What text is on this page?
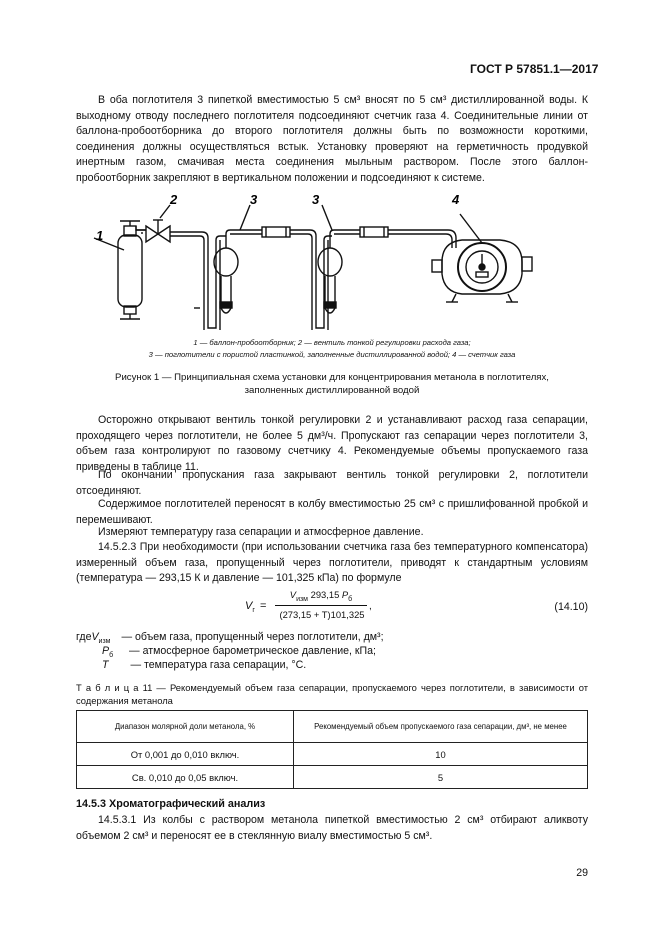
ГОСТ Р 57851.1—2017

В оба поглотителя 3 пипеткой вместимостью 5 см³ вносят по 5 см³ дистиллированной воды. К выходному отводу последнего поглотителя подсоединяют счетчик газа 4. Соединительные линии от баллона-пробоотборника до второго поглотителя должны быть по возможности короткими, соединения должны осуществляться встык. Установку проверяют на герметичность продувкой инертным газом, смачивая места соединения мыльным раствором. После этого баллон-пробоотборник закрепляют в вертикальном положении и подсоединяют к системе.

1
2	3	3	4
1 — баллон-пробоотборник; 2 — вентиль тонкой регулировки расхода газа;
3 — поглотители с пористой пластинкой, заполненные дистиллированной водой; 4 — счетчик газа
Рисунок 1 — Принципиальная схема установки для концентрирования метанола в поглотителях,
заполненных дистиллированной водой

Осторожно открывают вентиль тонкой регулировки 2 и устанавливают расход газа сепарации, проходящего через поглотители, не более 5 дм³/ч. Пропускают газ сепарации через поглотители 3, объем газа контролируют по газовому счетчику 4. Рекомендуемые объемы пропускаемого газа приведены в таблице 11.

По окончании пропускания газа закрывают вентиль тонкой регулировки 2, поглотители отсоединяют.

Содержимое поглотителей переносят в колбу вместимостью 25 см³ с пришлифованной пробкой и перемешивают.

Измеряют температуру газа сепарации и атмосферное давление.

14.5.2.3 При необходимости (при использовании счетчика газа без температурного компенсатора) измеренный объем газа, пропущенный через поглотители, приводят к стандартным условиям (температура — 293,15 К и давление — 101,325 кПа) по формуле

$V_г$ =
$V_{изм}$ 293,15 $P_б$
(273,15 + T)101,325
,	(14.10)
гдеV$_{изм}$ — объем газа, пропущенный через поглотители, дм³;
$P_б$ — атмосферное барометрическое давление, кПа;
T — температура газа сепарации, °С.
Т а б л и ц а 11 — Рекомендуемый объем газа сепарации, пропускаемого через поглотители, в зависимости от содержания метанола
Диапазон молярной доли метанола, %	Рекомендуемый объем пропускаемого газа сепарации, дм³, не менее
От 0,001 до 0,010 включ.	10
Св. 0,010 до 0,05 включ.	5
14.5.3 Хроматографический анализ

14.5.3.1 Из колбы с раствором метанола пипеткой вместимостью 2 см³ отбирают аликвоту объемом 2 см³ и переносят ее в стеклянную виалу вместимостью 5 см³.

29
